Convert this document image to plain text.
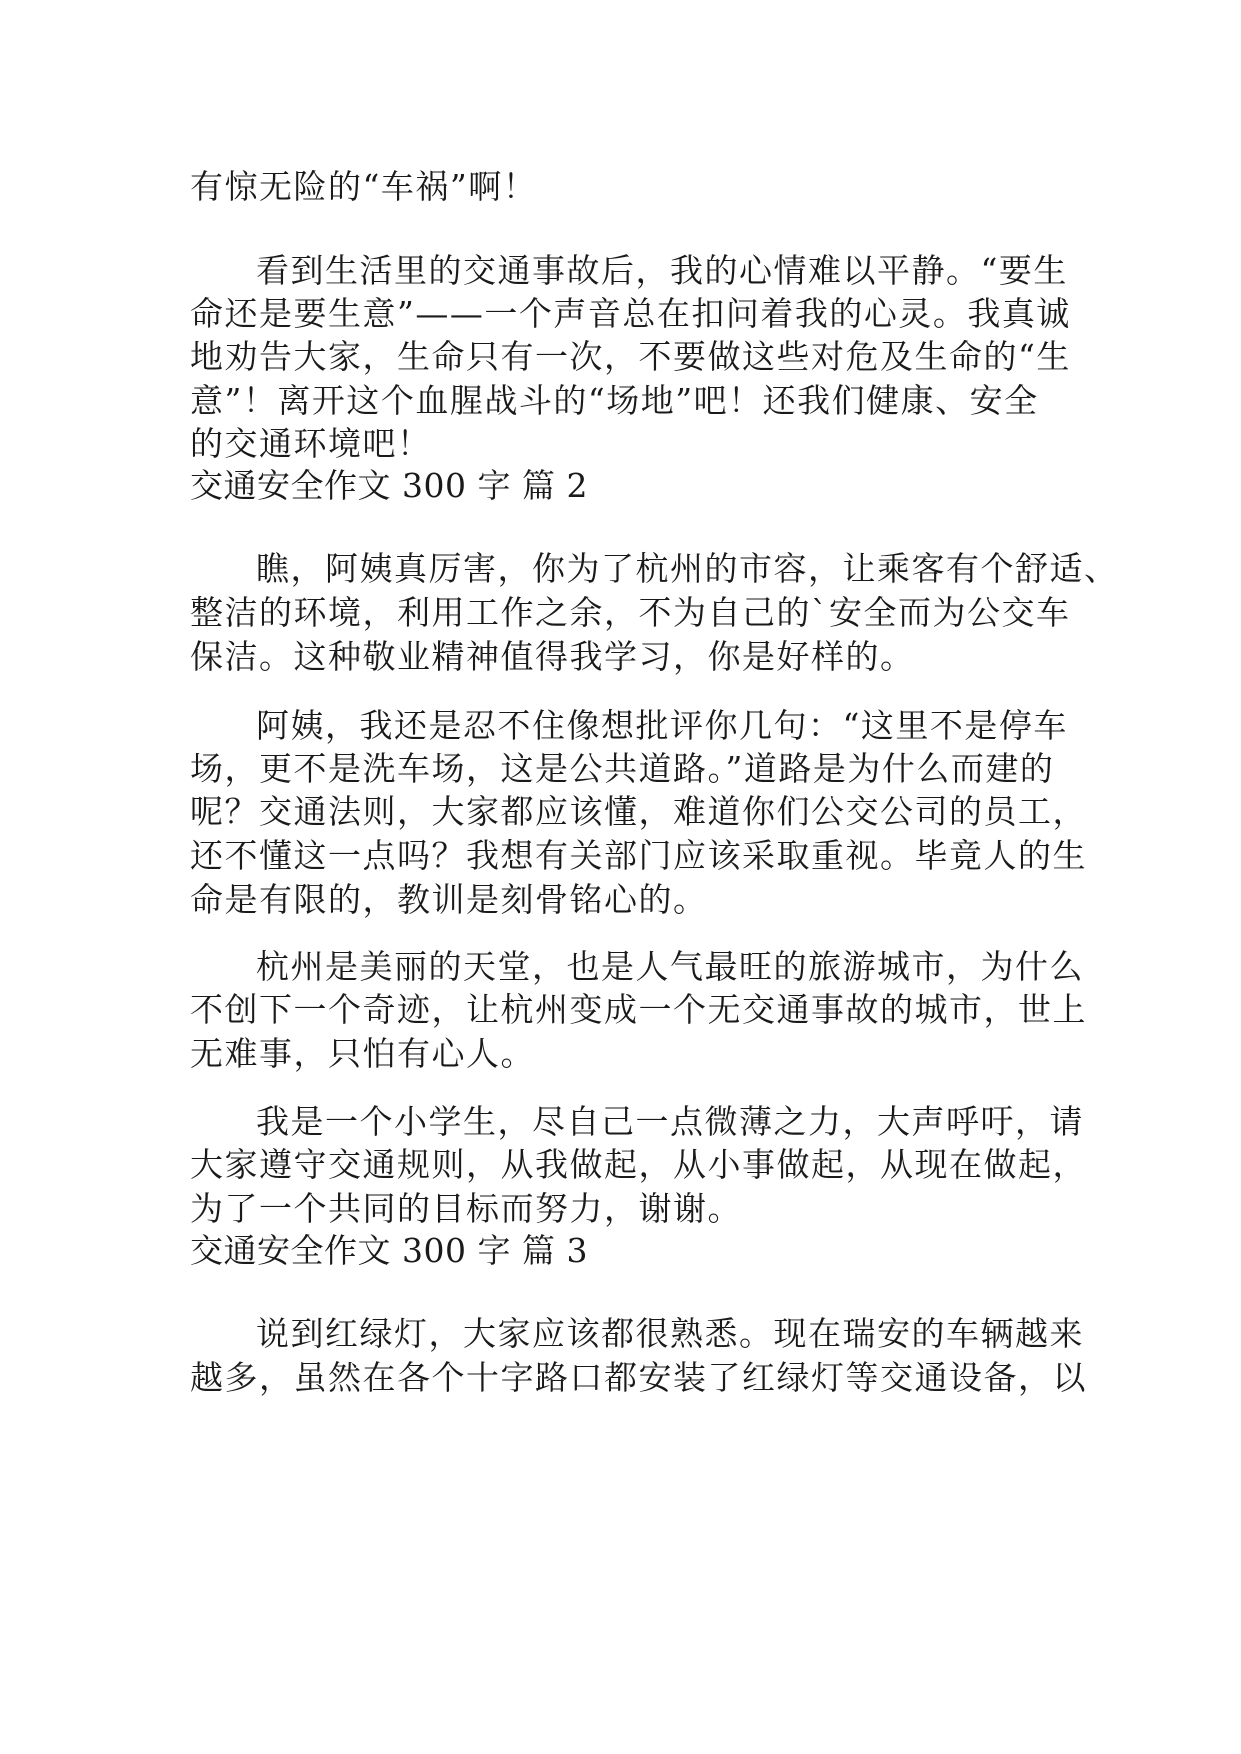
有惊无险的“车祸”啊！
看到生活里的交通事故后，我的心情难以平静。“要生
命还是要生意”——一个声音总在扣问着我的心灵。我真诚
地劝告大家，生命只有一次，不要做这些对危及生命的“生
意”！离开这个血腥战斗的“场地”吧！还我们健康、安全
的交通环境吧！
交通安全作文 300 字 篇 2
瞧，阿姨真厉害，你为了杭州的市容，让乘客有个舒适、
整洁的环境，利用工作之余，不为自己的`安全而为公交车
保洁。这种敬业精神值得我学习，你是好样的。
阿姨，我还是忍不住像想批评你几句：“这里不是停车
场，更不是洗车场，这是公共道路。”道路是为什么而建的
呢？交通法则，大家都应该懂，难道你们公交公司的员工，
还不懂这一点吗？我想有关部门应该采取重视。毕竟人的生
命是有限的，教训是刻骨铭心的。
杭州是美丽的天堂，也是人气最旺的旅游城市，为什么
不创下一个奇迹，让杭州变成一个无交通事故的城市，世上
无难事，只怕有心人。
我是一个小学生，尽自己一点微薄之力，大声呼吁，请
大家遵守交通规则，从我做起，从小事做起，从现在做起，
为了一个共同的目标而努力，谢谢。
交通安全作文 300 字 篇 3
说到红绿灯，大家应该都很熟悉。现在瑞安的车辆越来
越多，虽然在各个十字路口都安装了红绿灯等交通设备，以
